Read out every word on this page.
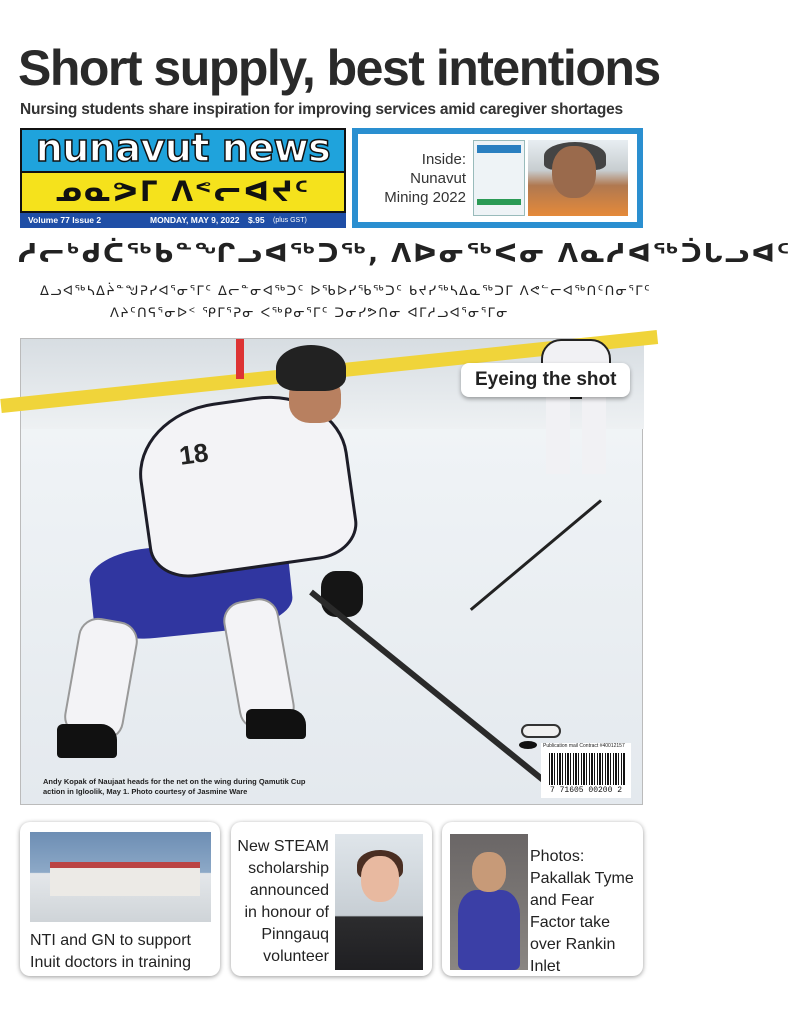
Short supply, best intentions

Nursing students share inspiration for improving services amid caregiver shortages

nunavut news
ᓄᓇᕗᒥ ᐱᕝᓕᐊᔪᑦ
Volume 77 Issue 2	MONDAY, MAY 9, 2022 $.95 (plus GST)
Inside:
Nunavut
Mining 2022

ᓱᓕᒃᑯᑖᖅᑲᓐᖏᓗᐊᖅᑐᖅ, ᐱᐅᓂᖅᐸᓂ ᐱᓇᓱᐊᖅᑑᒐᓗᐊᑦ

ᐃᓗᐊᖅᓴᐃᔩᓐᖑᕈᓯᐊᕐᓂᕐᒥᑦ ᐃᓕᓐᓂᐊᖅᑐᑦ ᐅᖃᐅᓯᖃᖅᑐᑦ ᑲᔪᓯᖅᓴᐃᓇᖅᑐᒥ ᐱᕙᓪᓕᐊᖅᑎᑦᑎᓂᕐᒥᑦ

ᐱᔨᑦᑎᕋᕐᓂᐅᑉ ᕿᒥᕐᕈᓂ ᐸᖅᑭᓂᕐᒥᑦ ᑐᓂᓯᕗᑎᓂ ᐊᒥᓱᓗᐊᕐᓂᕐᒥᓂ

18
Eyeing the shot

Andy Kopak of Naujaat heads for the net on the wing during Qamutik Cup action in Igloolik, May 1. Photo courtesy of Jasmine Ware

Publication mail Contract #40012157
7 71605 00200 2
NTI and GN to support Inuit doctors in training
New STEAM scholarship announced in honour of Pinngauq volunteer
Photos: Pakallak Tyme and Fear Factor take over Rankin Inlet
